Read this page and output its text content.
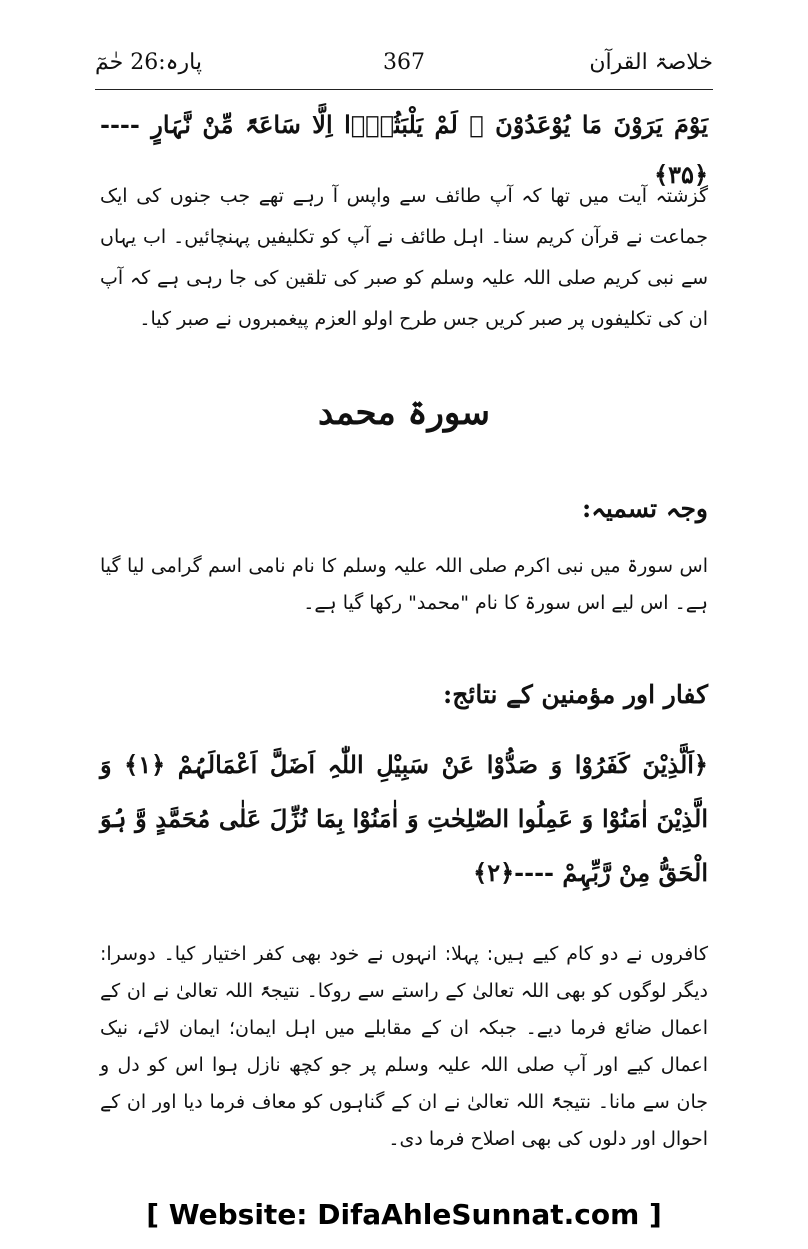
خلاصۃ القرآن
367
پارہ:26 حٰمٓ
یَوْمَ یَرَوْنَ مَا یُوْعَدُوْنَ ۙ لَمْ یَلْبَثُوْۤا اِلَّا سَاعَۃً مِّنْ نَّہَارٍ ----﴿۳۵﴾
گزشتہ آیت میں تھا کہ آپ طائف سے واپس آ رہے تھے جب جنوں کی ایک جماعت نے قرآن کریم سنا۔ اہل طائف نے آپ کو تکلیفیں پہنچائیں۔ اب یہاں سے نبی کریم صلی اللہ علیہ وسلم کو صبر کی تلقین کی جا رہی ہے کہ آپ ان کی تکلیفوں پر صبر کریں جس طرح اولو العزم پیغمبروں نے صبر کیا۔
سورۃ محمد
وجہ تسمیہ:
اس سورۃ میں نبی اکرم صلی اللہ علیہ وسلم کا نام نامی اسم گرامی لیا گیا ہے۔ اس لیے اس سورۃ کا نام "محمد" رکھا گیا ہے۔
کفار اور مؤمنین کے نتائج:
﴿اَلَّذِیْنَ كَفَرُوْا وَ صَدُّوْا عَنْ سَبِیْلِ اللّٰہِ اَضَلَّ اَعْمَالَہُمْ ﴿۱﴾ وَ الَّذِیْنَ اٰمَنُوْا وَ عَمِلُوا الصّٰلِحٰتِ وَ اٰمَنُوْا بِمَا نُزِّلَ عَلٰی مُحَمَّدٍ وَّ ہُوَ الْحَقُّ مِنْ رَّبِّہِمْ ----﴿۲﴾
کافروں نے دو کام کیے ہیں: پہلا: انہوں نے خود بھی کفر اختیار کیا۔ دوسرا: دیگر لوگوں کو بھی اللہ تعالیٰ کے راستے سے روکا۔ نتیجۃً اللہ تعالیٰ نے ان کے اعمال ضائع فرما دیے۔ جبکہ ان کے مقابلے میں اہل ایمان؛ ایمان لائے، نیک اعمال کیے اور آپ صلی اللہ علیہ وسلم پر جو کچھ نازل ہوا اس کو دل و جان سے مانا۔ نتیجۃً اللہ تعالیٰ نے ان کے گناہوں کو معاف فرما دیا اور ان کے احوال اور دلوں کی بھی اصلاح فرما دی۔
[ Website: DifaAhleSunnat.com ]
